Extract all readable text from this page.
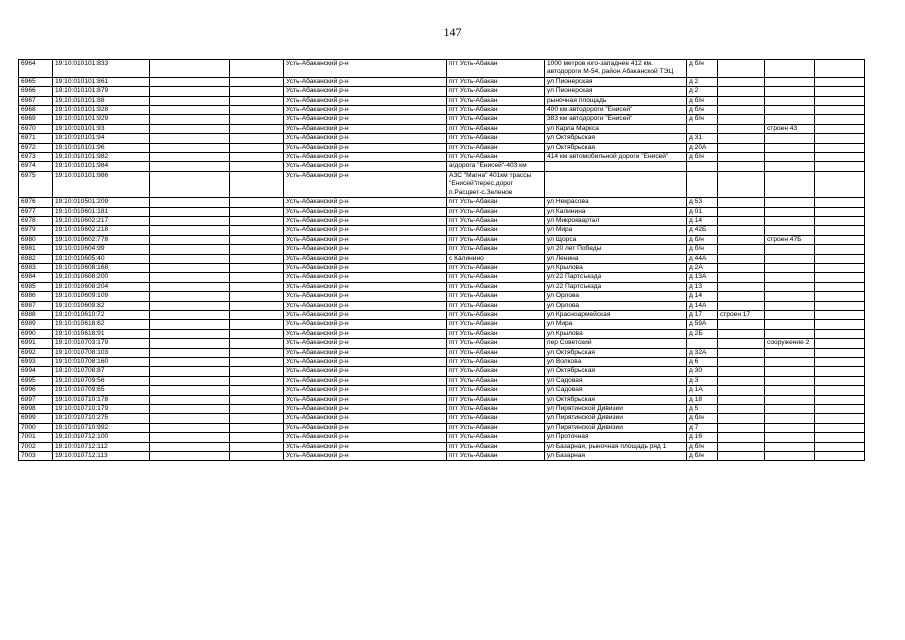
147
6964	19:10:010101:833			Усть-Абаканский р-н	пгт Усть-Абакан	1000 метров юго-западнее 412 км. автодороги М-54, район Абаканской ТЭЦ	д б/н			
6965	19:10:010101:861			Усть-Абаканский р-н	пгт Усть-Абакан	ул Пионерская	д 2			
6966	19:10:010101:879			Усть-Абаканский р-н	пгт Усть-Абакан	ул Пионерская	д 2			
6967	19:10:010101:88			Усть-Абаканский р-н	пгт Усть-Абакан	рыночная площадь	д б/н			
6968	19:10:010101:928			Усть-Абаканский р-н	пгт Усть-Абакан	400 км автодороги "Енисей"	д б/н			
6969	19:10:010101:929			Усть-Абаканский р-н	пгт Усть-Абакан	383 км автодороги "Енисей"	д б/н			
6970	19:10:010101:93			Усть-Абаканский р-н	пгт Усть-Абакан	ул Карла Маркса			строен 43	
6971	19:10:010101:94			Усть-Абаканский р-н	пгт Усть-Абакан	ул Октябрьская	д 31			
6972	19:10:010101:96			Усть-Абаканский р-н	пгт Усть-Абакан	ул Октябрьская	д 20А			
6973	19:10:010101:982			Усть-Абаканский р-н	пгт Усть-Абакан	414 км автомобильной дороги "Енисей"	д б/н			
6974	19:10:010101:984			Усть-Абаканский р-н	а/дорога "Енисей"-403 км					
6975	19:10:010101:986			Усть-Абаканский р-н	АЗС "Магна" 401км трассы "Енисей"перес.дорог п.Расцвет-с.Зеленое					
6976	19:10:010501:209			Усть-Абаканский р-н	пгт Усть-Абакан	ул Некрасова	д 53			
6977	19:10:010601:181			Усть-Абаканский р-н	пгт Усть-Абакан	ул Калинина	д 01			
6978	19:10:010602:217			Усть-Абаканский р-н	пгт Усть-Абакан	ул Микроквартал	д 14			
6979	19:10:010602:218			Усть-Абаканский р-н	пгт Усть-Абакан	ул Мира	д 42Б			
6980	19:10:010602:778			Усть-Абаканский р-н	пгт Усть-Абакан	ул Щорса	д б/н		строен 47Б	
6981	19:10:010604:99			Усть-Абаканский р-н	пгт Усть-Абакан	ул 20 лет Победы	д б/н			
6982	19:10:010605:40			Усть-Абаканский р-н	с Калинино	ул Ленина	д 44А			
6983	19:10:010608:168			Усть-Абаканский р-н	пгт Усть-Абакан	ул Крылова	д 2А			
6984	19:10:010608:200			Усть-Абаканский р-н	пгт Усть-Абакан	ул 22 Партсъезда	д 13А			
6985	19:10:010608:204			Усть-Абаканский р-н	пгт Усть-Абакан	ул 22 Партсъезда	д 13			
6986	19:10:010609:109			Усть-Абаканский р-н	пгт Усть-Абакан	ул Орлова	д 14			
6987	19:10:010609:82			Усть-Абаканский р-н	пгт Усть-Абакан	ул Орлова	д 14А			
6988	19:10:010610:72			Усть-Абаканский р-н	пгт Усть-Абакан	ул Красноармейская	д 17	строен 17		
6989	19:10:010618:62			Усть-Абаканский р-н	пгт Усть-Абакан	ул Мира	д 59А			
6990	19:10:010618:91			Усть-Абаканский р-н	пгт Усть-Абакан	ул Крылова	д 2Б			
6991	19:10:010703:179			Усть-Абаканский р-н	пгт Усть-Абакан	пер Советский			сооружение 2	
6992	19:10:010708:103			Усть-Абаканский р-н	пгт Усть-Абакан	ул Октябрьская	д 32А			
6993	19:10:010708:160			Усть-Абаканский р-н	пгт Усть-Абакан	ул Волкова	д 6			
6994	19:10:010708:87			Усть-Абаканский р-н	пгт Усть-Абакан	ул Октябрьская	д 30			
6995	19:10:010709:56			Усть-Абаканский р-н	пгт Усть-Абакан	ул Садовая	д 3			
6996	19:10:010709:65			Усть-Абаканский р-н	пгт Усть-Абакан	ул Садовая	д 1А			
6997	19:10:010710:178			Усть-Абаканский р-н	пгт Усть-Абакан	ул Октябрьская	д 18			
6998	19:10:010710:179			Усть-Абаканский р-н	пгт Усть-Абакан	ул Пирятинской Дивизии	д 5			
6999	19:10:010710:275			Усть-Абаканский р-н	пгт Усть-Абакан	ул Пирятинской Дивизии	д б/н			
7000	19:10:010710:992			Усть-Абаканский р-н	пгт Усть-Абакан	ул Пирятинской Дивизии	д 7			
7001	19:10:010712:100			Усть-Абаканский р-н	пгт Усть-Абакан	ул Проточная	д 16			
7002	19:10:010712:112			Усть-Абаканский р-н	пгт Усть-Абакан	ул Базарная, рыночная площадь ряд 1	д б/н			
7003	19:10:010712:113			Усть-Абаканский р-н	пгт Усть-Абакан	ул Базарная	д б/н			
